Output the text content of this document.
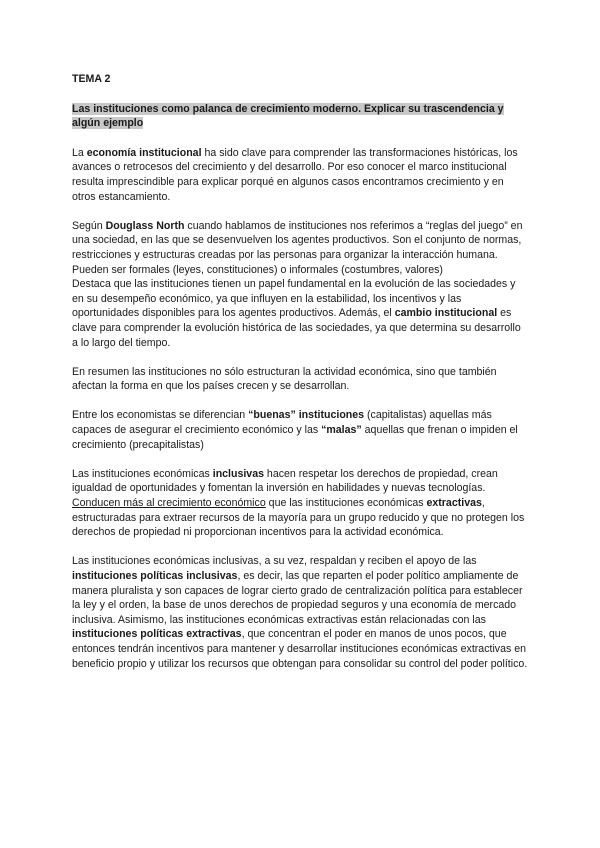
TEMA 2
Las instituciones como palanca de crecimiento moderno. Explicar su trascendencia y algún ejemplo

La economía institucional ha sido clave para comprender las transformaciones históricas, los avances o retrocesos del crecimiento y del desarrollo. Por eso conocer el marco institucional resulta imprescindible para explicar porqué en algunos casos encontramos crecimiento y en otros estancamiento.

Según Douglass North cuando hablamos de instituciones nos referimos a “reglas del juego” en una sociedad, en las que se desenvuelven los agentes productivos. Son el conjunto de normas, restricciones y estructuras creadas por las personas para organizar la interacción humana. Pueden ser formales (leyes, constituciones) o informales (costumbres, valores)

Destaca que las instituciones tienen un papel fundamental en la evolución de las sociedades y en su desempeño económico, ya que influyen en la estabilidad, los incentivos y las oportunidades disponibles para los agentes productivos. Además, el cambio institucional es clave para comprender la evolución histórica de las sociedades, ya que determina su desarrollo a lo largo del tiempo.

En resumen las instituciones no sólo estructuran la actividad económica, sino que también afectan la forma en que los países crecen y se desarrollan.

Entre los economistas se diferencian “buenas” instituciones (capitalistas) aquellas más capaces de asegurar el crecimiento económico y las “malas” aquellas que frenan o impiden el crecimiento (precapitalistas)

Las instituciones económicas inclusivas hacen respetar los derechos de propiedad, crean igualdad de oportunidades y fomentan la inversión en habilidades y nuevas tecnologías. Conducen más al crecimiento económico que las instituciones económicas extractivas, estructuradas para extraer recursos de la mayoría para un grupo reducido y que no protegen los derechos de propiedad ni proporcionan incentivos para la actividad económica.

Las instituciones económicas inclusivas, a su vez, respaldan y reciben el apoyo de las instituciones políticas inclusivas, es decir, las que reparten el poder político ampliamente de manera pluralista y son capaces de lograr cierto grado de centralización política para establecer la ley y el orden, la base de unos derechos de propiedad seguros y una economía de mercado inclusiva. Asimismo, las instituciones económicas extractivas están relacionadas con las instituciones políticas extractivas, que concentran el poder en manos de unos pocos, que entonces tendrán incentivos para mantener y desarrollar instituciones económicas extractivas en beneficio propio y utilizar los recursos que obtengan para consolidar su control del poder político.
